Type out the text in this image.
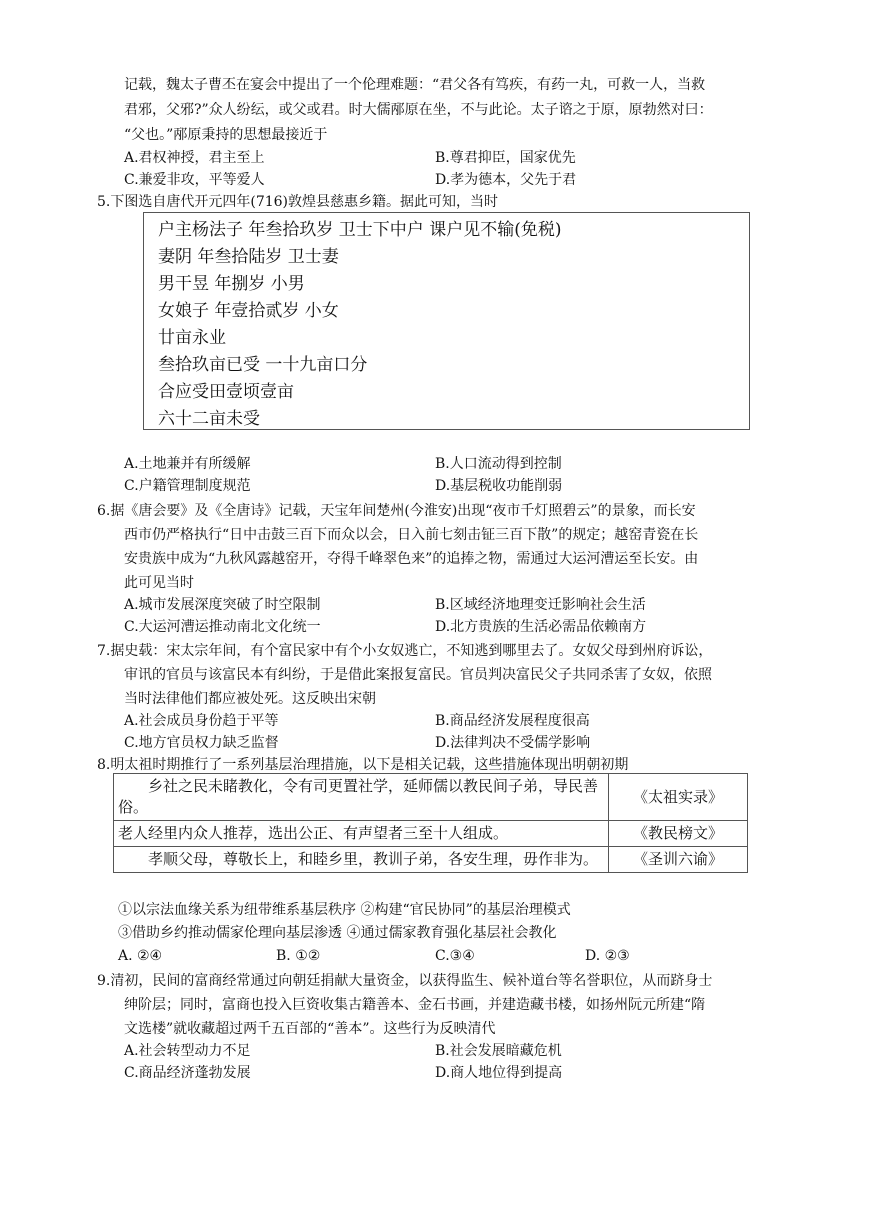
记载，魏太子曹丕在宴会中提出了一个伦理难题：“君父各有笃疾，有药一丸，可救一人，当救
君邪，父邪?”众人纷纭，或父或君。时大儒邴原在坐，不与此论。太子谘之于原，原勃然对曰：
“父也。”邴原秉持的思想最接近于
A.君权神授，君主至上	B.尊君抑臣，国家优先
C.兼爱非攻，平等爱人	D.孝为德本，父先于君
5.下图选自唐代开元四年(716)敦煌县慈惠乡籍。据此可知，当时
户主杨法子 年叁拾玖岁 卫士下中户 课户见不输(免税)
妻阴 年叁拾陆岁 卫士妻
男干昱 年捌岁 小男
女娘子 年壹拾贰岁 小女
廿亩永业
叁拾玖亩已受 一十九亩口分
合应受田壹顷壹亩
六十二亩未受
A.土地兼并有所缓解	B.人口流动得到控制
C.户籍管理制度规范	D.基层税收功能削弱
6.据《唐会要》及《全唐诗》记载，天宝年间楚州(今淮安)出现“夜市千灯照碧云”的景象，而长安
西市仍严格执行“日中击鼓三百下而众以会，日入前七刻击钲三百下散”的规定；越窑青瓷在长
安贵族中成为“九秋风露越窑开，夺得千峰翠色来”的追捧之物，需通过大运河漕运至长安。由
此可见当时
A.城市发展深度突破了时空限制	B.区域经济地理变迁影响社会生活
C.大运河漕运推动南北文化统一	D.北方贵族的生活必需品依赖南方
7.据史载：宋太宗年间，有个富民家中有个小女奴逃亡，不知逃到哪里去了。女奴父母到州府诉讼，
审讯的官员与该富民本有纠纷，于是借此案报复富民。官员判决富民父子共同杀害了女奴，依照
当时法律他们都应被处死。这反映出宋朝
A.社会成员身份趋于平等	B.商品经济发展程度很高
C.地方官员权力缺乏监督	D.法律判决不受儒学影响
8.明太祖时期推行了一系列基层治理措施，以下是相关记载，这些措施体现出明朝初期
乡社之民未睹教化，令有司更置社学，延师儒以教民间子弟，导民善俗。	《太祖实录》
老人经里内众人推荐，选出公正、有声望者三至十人组成。	《教民榜文》
孝顺父母，尊敬长上，和睦乡里，教训子弟，各安生理，毋作非为。	《圣训六谕》
①以宗法血缘关系为纽带维系基层秩序 ②构建“官民协同”的基层治理模式
③借助乡约推动儒家伦理向基层渗透 ④通过儒家教育强化基层社会教化
A. ②④	B. ①②	C.③④	D. ②③
9.清初，民间的富商经常通过向朝廷捐献大量资金，以获得监生、候补道台等名誉职位，从而跻身士
绅阶层；同时，富商也投入巨资收集古籍善本、金石书画，并建造藏书楼，如扬州阮元所建“隋
文选楼”就收藏超过两千五百部的“善本”。这些行为反映清代
A.社会转型动力不足	B.社会发展暗藏危机
C.商品经济蓬勃发展	D.商人地位得到提高
